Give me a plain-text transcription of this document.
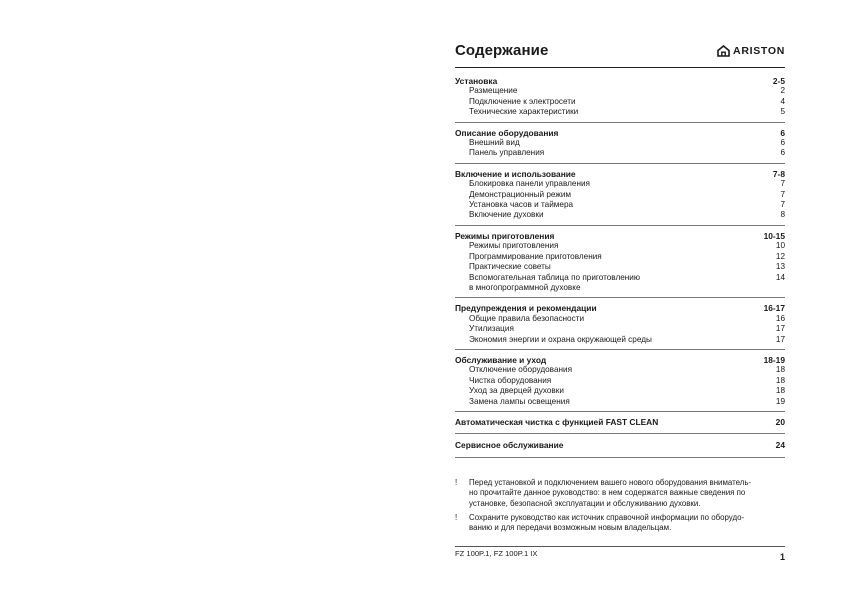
Содержание	ARISTON
Установка	2-5
Размещение	2
Подключение к электросети	4
Технические характеристики	5
Описание оборудования	6
Внешний вид	6
Панель управления	6
Включение и использование	7-8
Блокировка панели управления	7
Демонстрационный режим	7
Установка часов и таймера	7
Включение духовки	8
Режимы приготовления	10-15
Режимы приготовления	10
Программирование приготовления	12
Практические советы	13
Вспомогательная таблица по приготовлению	14
в многопрограммной духовке
Предупреждения и рекомендации	16-17
Общие правила безопасности	16
Утилизация	17
Экономия энергии и охрана окружающей среды	17
Обслуживание и уход	18-19
Отключение оборудования	18
Чистка оборудования	18
Уход за дверцей духовки	18
Замена лампы освещения	19
Автоматическая чистка с функцией FAST CLEAN	20
Сервисное обслуживание	24
!	Перед установкой и подключением вашего нового оборудования вниматель-
но прочитайте данное руководство: в нем содержатся важные сведения по
установке, безопасной эксплуатации и обслуживанию духовки.
!	Сохраните руководство как источник справочной информации по оборудо-
ванию и для передачи возможным новым владельцам.
FZ 100P.1, FZ 100P.1 IX	1
